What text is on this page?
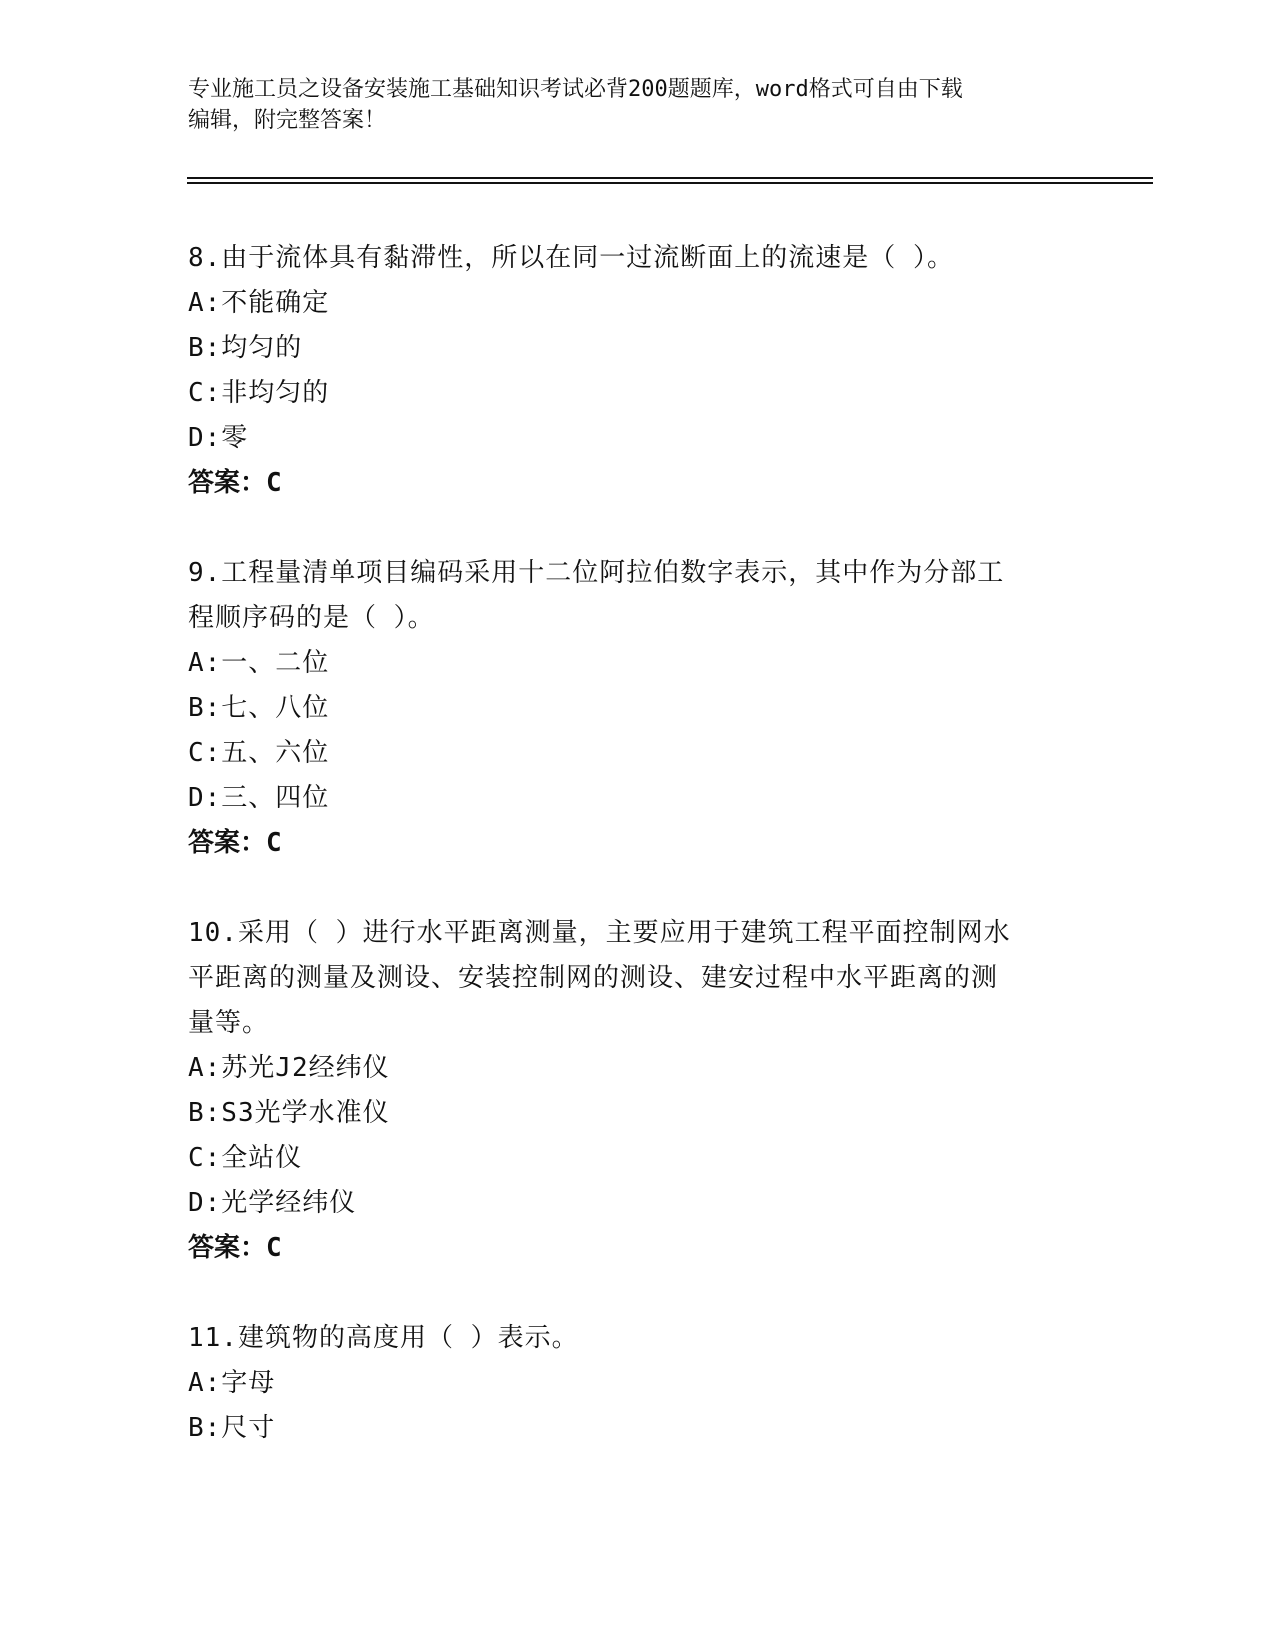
专业施工员之设备安装施工基础知识考试必背200题题库，word格式可自由下载
编辑，附完整答案！
8.由于流体具有黏滞性，所以在同一过流断面上的流速是（ ）。
A:不能确定
B:均匀的
C:非均匀的
D:零
答案：C
9.工程量清单项目编码采用十二位阿拉伯数字表示，其中作为分部工
程顺序码的是（ ）。
A:一、二位
B:七、八位
C:五、六位
D:三、四位
答案：C
10.采用（ ）进行水平距离测量，主要应用于建筑工程平面控制网水
平距离的测量及测设、安装控制网的测设、建安过程中水平距离的测
量等。
A:苏光J2经纬仪
B:S3光学水准仪
C:全站仪
D:光学经纬仪
答案：C
11.建筑物的高度用（ ）表示。
A:字母
B:尺寸
